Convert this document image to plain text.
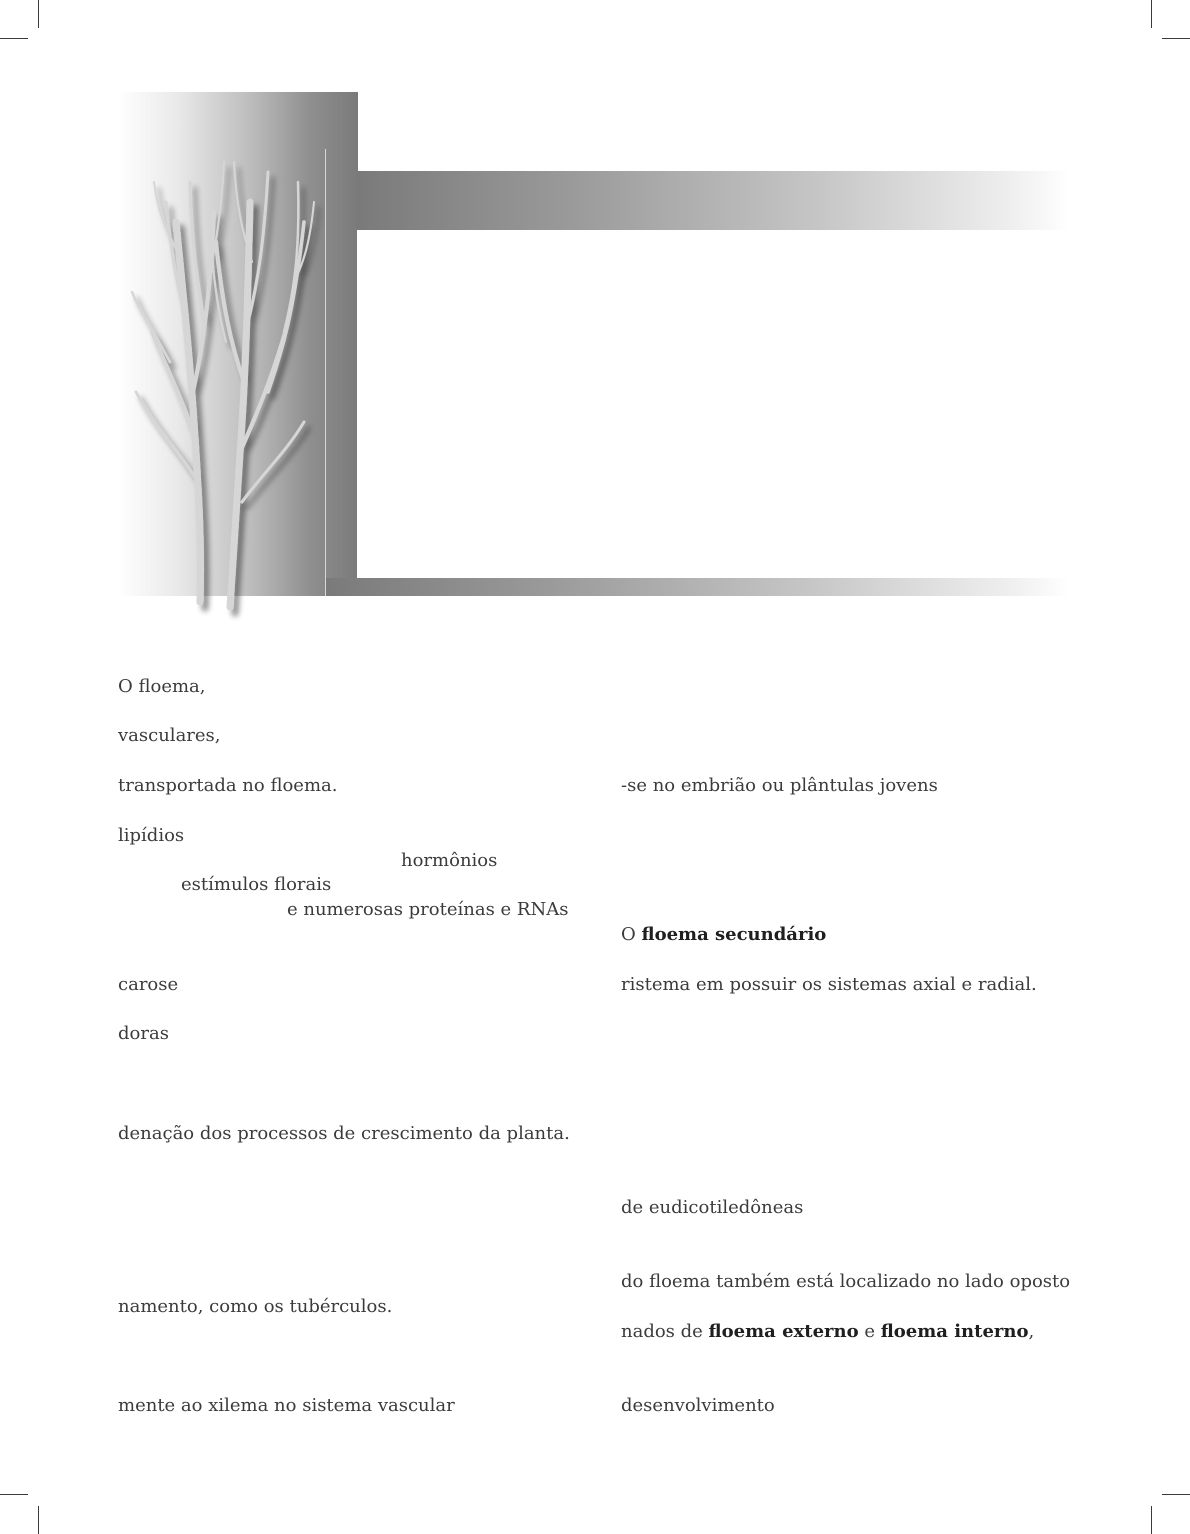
O floema,
vasculares,
transportada no floema.
lipídios
hormônios
estímulos florais
e numerosas proteínas e RNAs
carose
doras
denação dos processos de crescimento da planta.
namento, como os tubérculos.
mente ao xilema no sistema vascular
-se no embrião ou plântulas jovens
O floema secundário
ristema em possuir os sistemas axial e radial.
de eudicotiledôneas
do floema também está localizado no lado oposto
nados de floema externo e floema interno,
desenvolvimento
